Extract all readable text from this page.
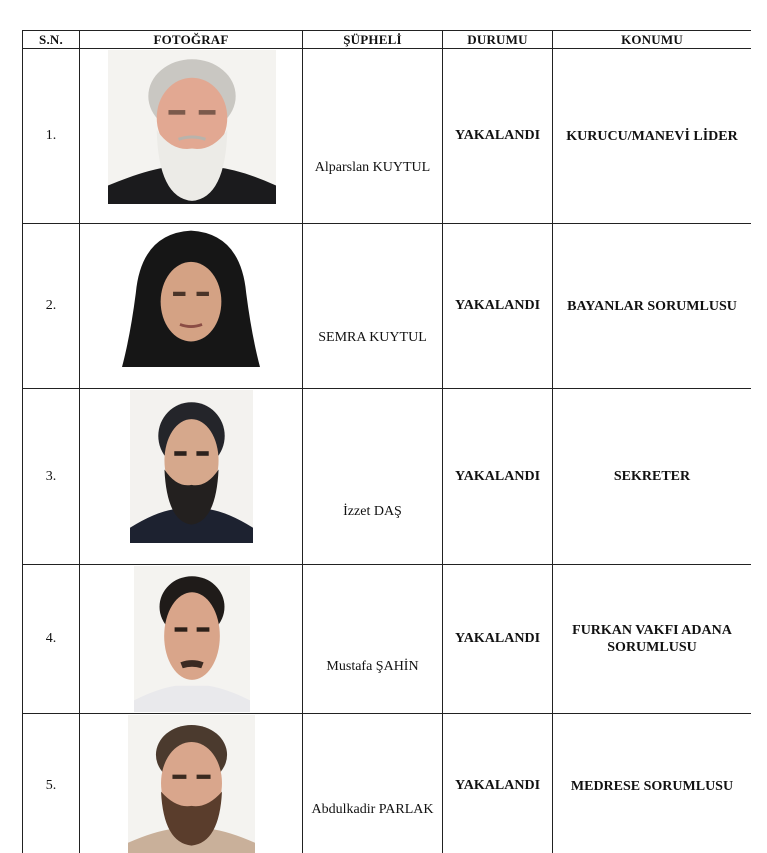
S.N.	FOTOĞRAF	ŞÜPHELİ	DURUMU	KONUMU
1.		Alparslan KUYTUL	YAKALANDI	KURUCU/MANEVİ LİDER

2.		SEMRA KUYTUL	YAKALANDI	BAYANLAR SORUMLUSU

3.		İzzet DAŞ	YAKALANDI	SEKRETER

4.		Mustafa ŞAHİN	YAKALANDI	FURKAN VAKFI ADANA SORUMLUSU

5.		Abdulkadir PARLAK	YAKALANDI	MEDRESE SORUMLUSU
